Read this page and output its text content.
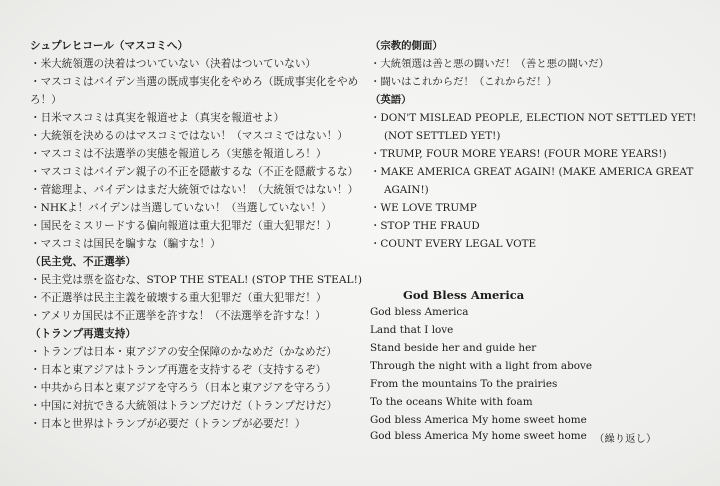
シュプレヒコール（マスコミへ）
・米大統領選の決着はついていない（決着はついていない）
・マスコミはバイデン当選の既成事実化をやめろ（既成事実化をやめ
ろ！）
・日米マスコミは真実を報道せよ（真実を報道せよ）
・大統領を決めるのはマスコミではない！（マスコミではない！）
・マスコミは不法選挙の実態を報道しろ（実態を報道しろ！）
・マスコミはバイデン親子の不正を隠蔽するな（不正を隠蔽するな）
・菅総理よ、バイデンはまだ大統領ではない！（大統領ではない！）
・NHKよ！バイデンは当選していない！（当選していない！）
・国民をミスリードする偏向報道は重大犯罪だ（重大犯罪だ！）
・マスコミは国民を騙すな（騙すな！）
（民主党、不正選挙）
・民主党は票を盗むな、STOP THE STEAL! (STOP THE STEAL!)
・不正選挙は民主主義を破壊する重大犯罪だ（重大犯罪だ！）
・アメリカ国民は不正選挙を許すな！（不法選挙を許すな！）
（トランプ再選支持）
・トランプは日本・東アジアの安全保障のかなめだ（かなめだ）
・日本と東アジアはトランプ再選を支持するぞ（支持するぞ）
・中共から日本と東アジアを守ろう（日本と東アジアを守ろう）
・中国に対抗できる大統領はトランプだけだ（トランプだけだ）
・日本と世界はトランプが必要だ（トランプが必要だ！）
（宗教的側面）
・大統領選は善と悪の闘いだ！（善と悪の闘いだ）
・闘いはこれからだ！（これからだ！）
（英語）
・DON'T MISLEAD PEOPLE, ELECTION NOT SETTLED YET!
(NOT SETTLED YET!)
・TRUMP, FOUR MORE YEARS! (FOUR MORE YEARS!)
・MAKE AMERICA GREAT AGAIN! (MAKE AMERICA GREAT
AGAIN!)
・WE LOVE TRUMP
・STOP THE FRAUD
・COUNT EVERY LEGAL VOTE
God Bless America
God bless America
Land that I love
Stand beside her and guide her
Through the night with a light from above
From the mountains To the prairies
To the oceans White with foam
God bless America My home sweet home
God bless America My home sweet home （繰り返し）
